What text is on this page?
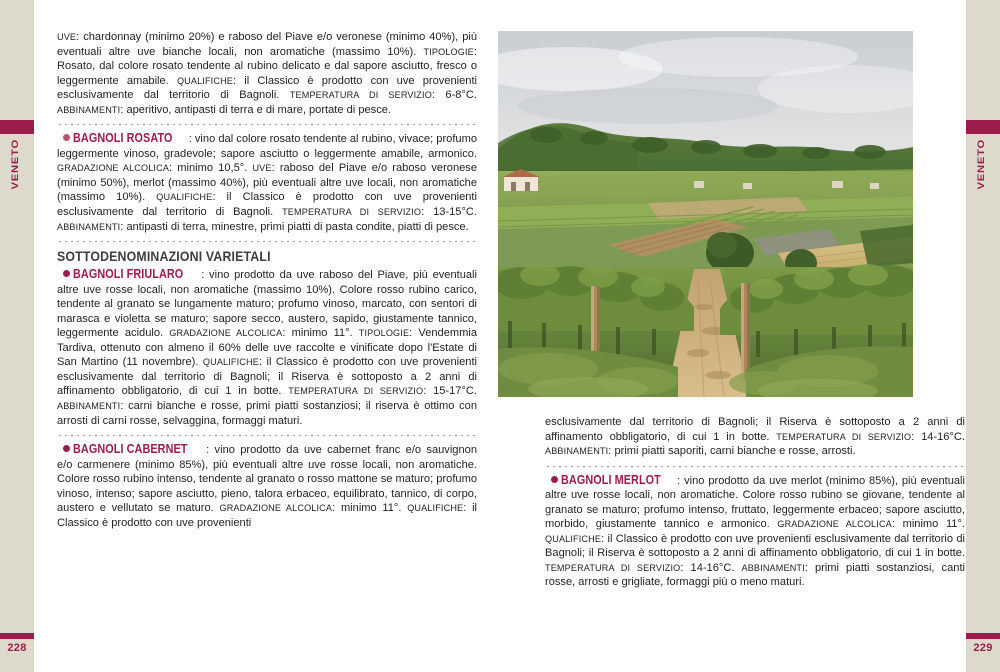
VENETO
228
VENETO
229

UVE: chardonnay (minimo 20%) e raboso del Piave e/o veronese (minimo 40%), più eventuali altre uve bianche locali, non aromatiche (massimo 10%). TIPOLOGIE: Rosato, dal colore rosato tendente al rubino delicato e dal sapore asciutto, fresco o leggermente amabile. QUALIFICHE: il Classico è prodotto con uve provenienti esclusivamente dal territorio di Bagnoli. TEMPERATURA DI SERVIZIO: 6-8°C. ABBINAMENTI: aperitivo, antipasti di terra e di mare, portate di pesce.

BAGNOLI ROSATO : vino dal colore rosato tendente al rubino, vivace; profumo leggermente vinoso, gradevole; sapore asciutto o leggermente amabile, armonico. GRADAZIONE ALCOLICA: minimo 10,5°. UVE: raboso del Piave e/o raboso veronese (minimo 50%), merlot (massimo 40%), più eventuali altre uve locali, non aromatiche (massimo 10%). QUALIFICHE: il Classico è prodotto con uve provenienti esclusivamente dal territorio di Bagnoli. TEMPERATURA DI SERVIZIO: 13-15°C. ABBINAMENTI: antipasti di terra, minestre, primi piatti di pasta condite, piatti di pesce.

SOTTODENOMINAZIONI VARIETALI

BAGNOLI FRIULARO : vino prodotto da uve raboso del Piave, più eventuali altre uve rosse locali, non aromatiche (massimo 10%). Colore rosso rubino carico, tendente al granato se lungamente maturo; profumo vinoso, marcato, con sentori di marasca e violetta se maturo; sapore secco, austero, sapido, giustamente tannico, leggermente acidulo. GRADAZIONE ALCOLICA: minimo 11°. TIPOLOGIE: Vendemmia Tardiva, ottenuto con almeno il 60% delle uve raccolte e vinificate dopo l'Estate di San Martino (11 novembre). QUALIFICHE: il Classico è prodotto con uve provenienti esclusivamente dal territorio di Bagnoli; il Riserva è sottoposto a 2 anni di affinamento obbligatorio, di cui 1 in botte. TEMPERATURA DI SERVIZIO: 15-17°C. ABBINAMENTI: carni bianche e rosse, primi piatti sostanziosi; il riserva è ottimo con arrosti di carni rosse, selvaggina, formaggi maturi.

BAGNOLI CABERNET : vino prodotto da uve cabernet franc e/o sauvignon e/o carmenere (minimo 85%), più eventuali altre uve rosse locali, non aromatiche. Colore rosso rubino intenso, tendente al granato o rosso mattone se maturo; profumo vinoso, intenso; sapore asciutto, pieno, talora erbaceo, equilibrato, tannico, di corpo, austero e vellutato se maturo. GRADAZIONE ALCOLICA: minimo 11°. QUALIFICHE: il Classico è prodotto con uve provenienti

esclusivamente dal territorio di Bagnoli; il Riserva è sottoposto a 2 anni di affinamento obbligatorio, di cui 1 in botte. TEMPERATURA DI SERVIZIO: 14-16°C. ABBINAMENTI: primi piatti saporiti, carni bianche e rosse, arrosti.

BAGNOLI MERLOT : vino prodotto da uve merlot (minimo 85%), più eventuali altre uve rosse locali, non aromatiche. Colore rosso rubino se giovane, tendente al granato se maturo; profumo intenso, fruttato, leggermente erbaceo; sapore asciutto, morbido, giustamente tannico e armonico. GRADAZIONE ALCOLICA: minimo 11°. QUALIFICHE: il Classico è prodotto con uve provenienti esclusivamente dal territorio di Bagnoli; il Riserva è sottoposto a 2 anni di affinamento obbligatorio, di cui 1 in botte. TEMPERATURA DI SERVIZIO: 14-16°C. ABBINAMENTI: primi piatti sostanziosi, canti rosse, arrosti e grigliate, formaggi più o meno maturi.
